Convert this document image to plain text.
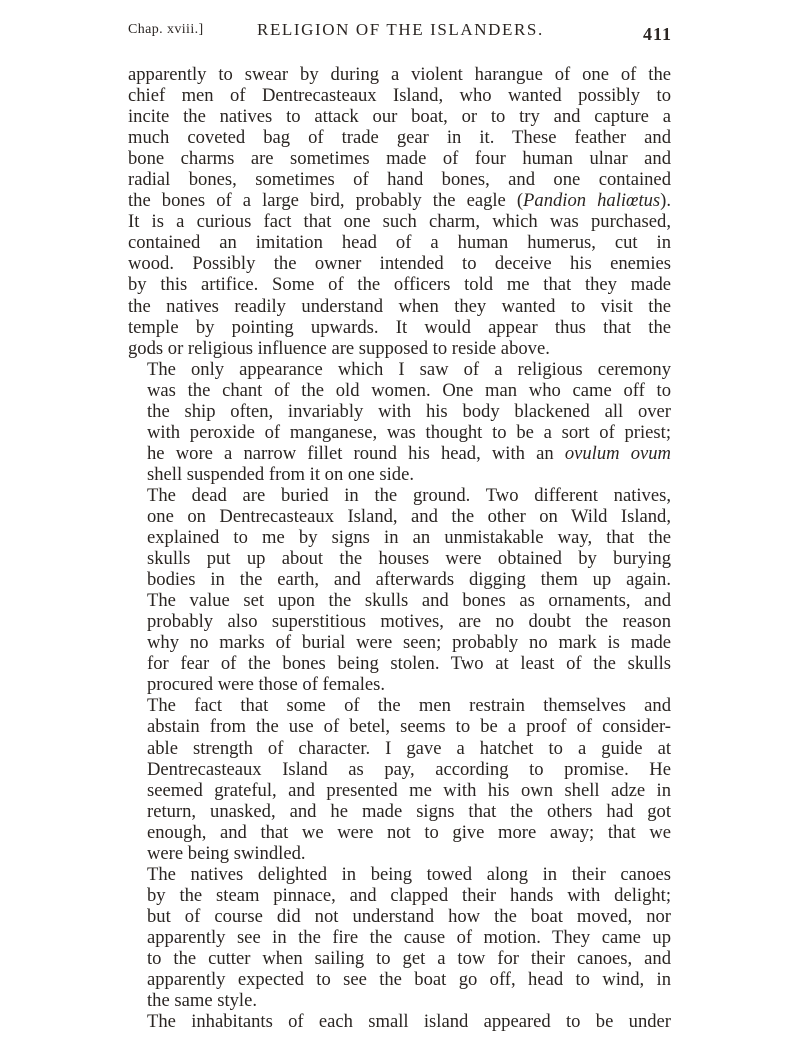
Chap. xviii.]	RELIGION OF THE ISLANDERS.	411
apparently to swear by during a violent harangue of one of the
chief men of Dentrecasteaux Island, who wanted possibly to
incite the natives to attack our boat, or to try and capture a
much coveted bag of trade gear in it. These feather and
bone charms are sometimes made of four human ulnar and
radial bones, sometimes of hand bones, and one contained
the bones of a large bird, probably the eagle (Pandion haliœtus).
It is a curious fact that one such charm, which was purchased,
contained an imitation head of a human humerus, cut in
wood. Possibly the owner intended to deceive his enemies
by this artifice. Some of the officers told me that they made
the natives readily understand when they wanted to visit the
temple by pointing upwards. It would appear thus that the
gods or religious influence are supposed to reside above.
The only appearance which I saw of a religious ceremony
was the chant of the old women. One man who came off to
the ship often, invariably with his body blackened all over
with peroxide of manganese, was thought to be a sort of priest;
he wore a narrow fillet round his head, with an ovulum ovum
shell suspended from it on one side.
The dead are buried in the ground. Two different natives,
one on Dentrecasteaux Island, and the other on Wild Island,
explained to me by signs in an unmistakable way, that the
skulls put up about the houses were obtained by burying
bodies in the earth, and afterwards digging them up again.
The value set upon the skulls and bones as ornaments, and
probably also superstitious motives, are no doubt the reason
why no marks of burial were seen; probably no mark is made
for fear of the bones being stolen. Two at least of the skulls
procured were those of females.
The fact that some of the men restrain themselves and
abstain from the use of betel, seems to be a proof of consider-
able strength of character. I gave a hatchet to a guide at
Dentrecasteaux Island as pay, according to promise. He
seemed grateful, and presented me with his own shell adze in
return, unasked, and he made signs that the others had got
enough, and that we were not to give more away; that we
were being swindled.
The natives delighted in being towed along in their canoes
by the steam pinnace, and clapped their hands with delight;
but of course did not understand how the boat moved, nor
apparently see in the fire the cause of motion. They came up
to the cutter when sailing to get a tow for their canoes, and
apparently expected to see the boat go off, head to wind, in
the same style.
The inhabitants of each small island appeared to be under
